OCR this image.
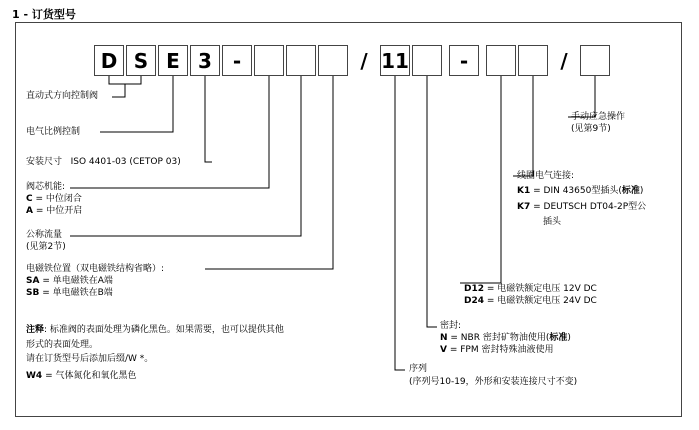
1 - 订货型号
D S E 3	-	/ 11	-	/
直动式方向控制阀
电气比例控制
安装尺寸 ISO 4401-03 (CETOP 03)
阀芯机能:
C = 中位闭合
A = 中位开启
公称流量
(见第2节)
电磁铁位置（双电磁铁结构省略）:
SA = 单电磁铁在A端
SB = 单电磁铁在B端
注释: 标准阀的表面处理为磷化黑色。如果需要，也可以提供其他
形式的表面处理。
请在订货型号后添加后缀/W *。
W4 = 气体氮化和氧化黑色
手动应急操作
(见第9节)
线圈电气连接:
K1 = DIN 43650型插头(标准)
K7 = DEUTSCH DT04-2P型公
插头
D12 = 电磁铁额定电压 12V DC
D24 = 电磁铁额定电压 24V DC
密封:
N = NBR 密封矿物油使用(标准)
V = FPM 密封特殊油液使用
序列
(序列号10-19，外形和安装连接尺寸不变)
